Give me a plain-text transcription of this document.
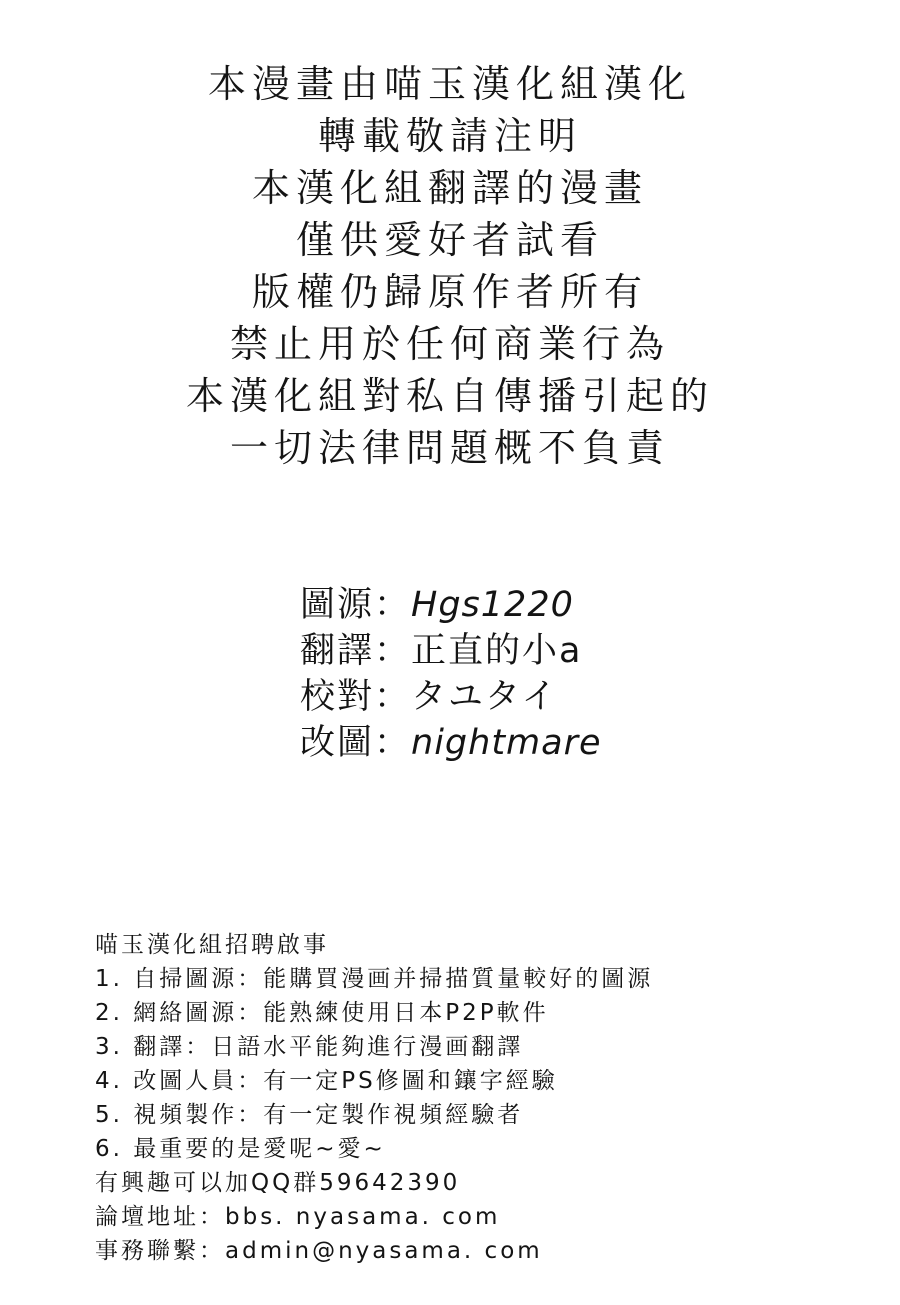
本漫畫由喵玉漢化組漢化
轉載敬請注明
本漢化組翻譯的漫畫
僅供愛好者試看
版權仍歸原作者所有
禁止用於任何商業行為
本漢化組對私自傳播引起的
一切法律問題概不負責
圖源：Hgs1220
翻譯：正直的小a
校對：タユタイ
改圖：nightmare
喵玉漢化組招聘啟事
1. 自掃圖源：能購買漫画并掃描質量較好的圖源
2. 網絡圖源：能熟練使用日本P2P軟件
3. 翻譯：日語水平能夠進行漫画翻譯
4. 改圖人員：有一定PS修圖和鑲字經驗
5. 視頻製作：有一定製作視頻經驗者
6. 最重要的是愛呢~愛~
有興趣可以加QQ群59642390
論壇地址：bbs. nyasama. com
事務聯繫：admin@nyasama. com
